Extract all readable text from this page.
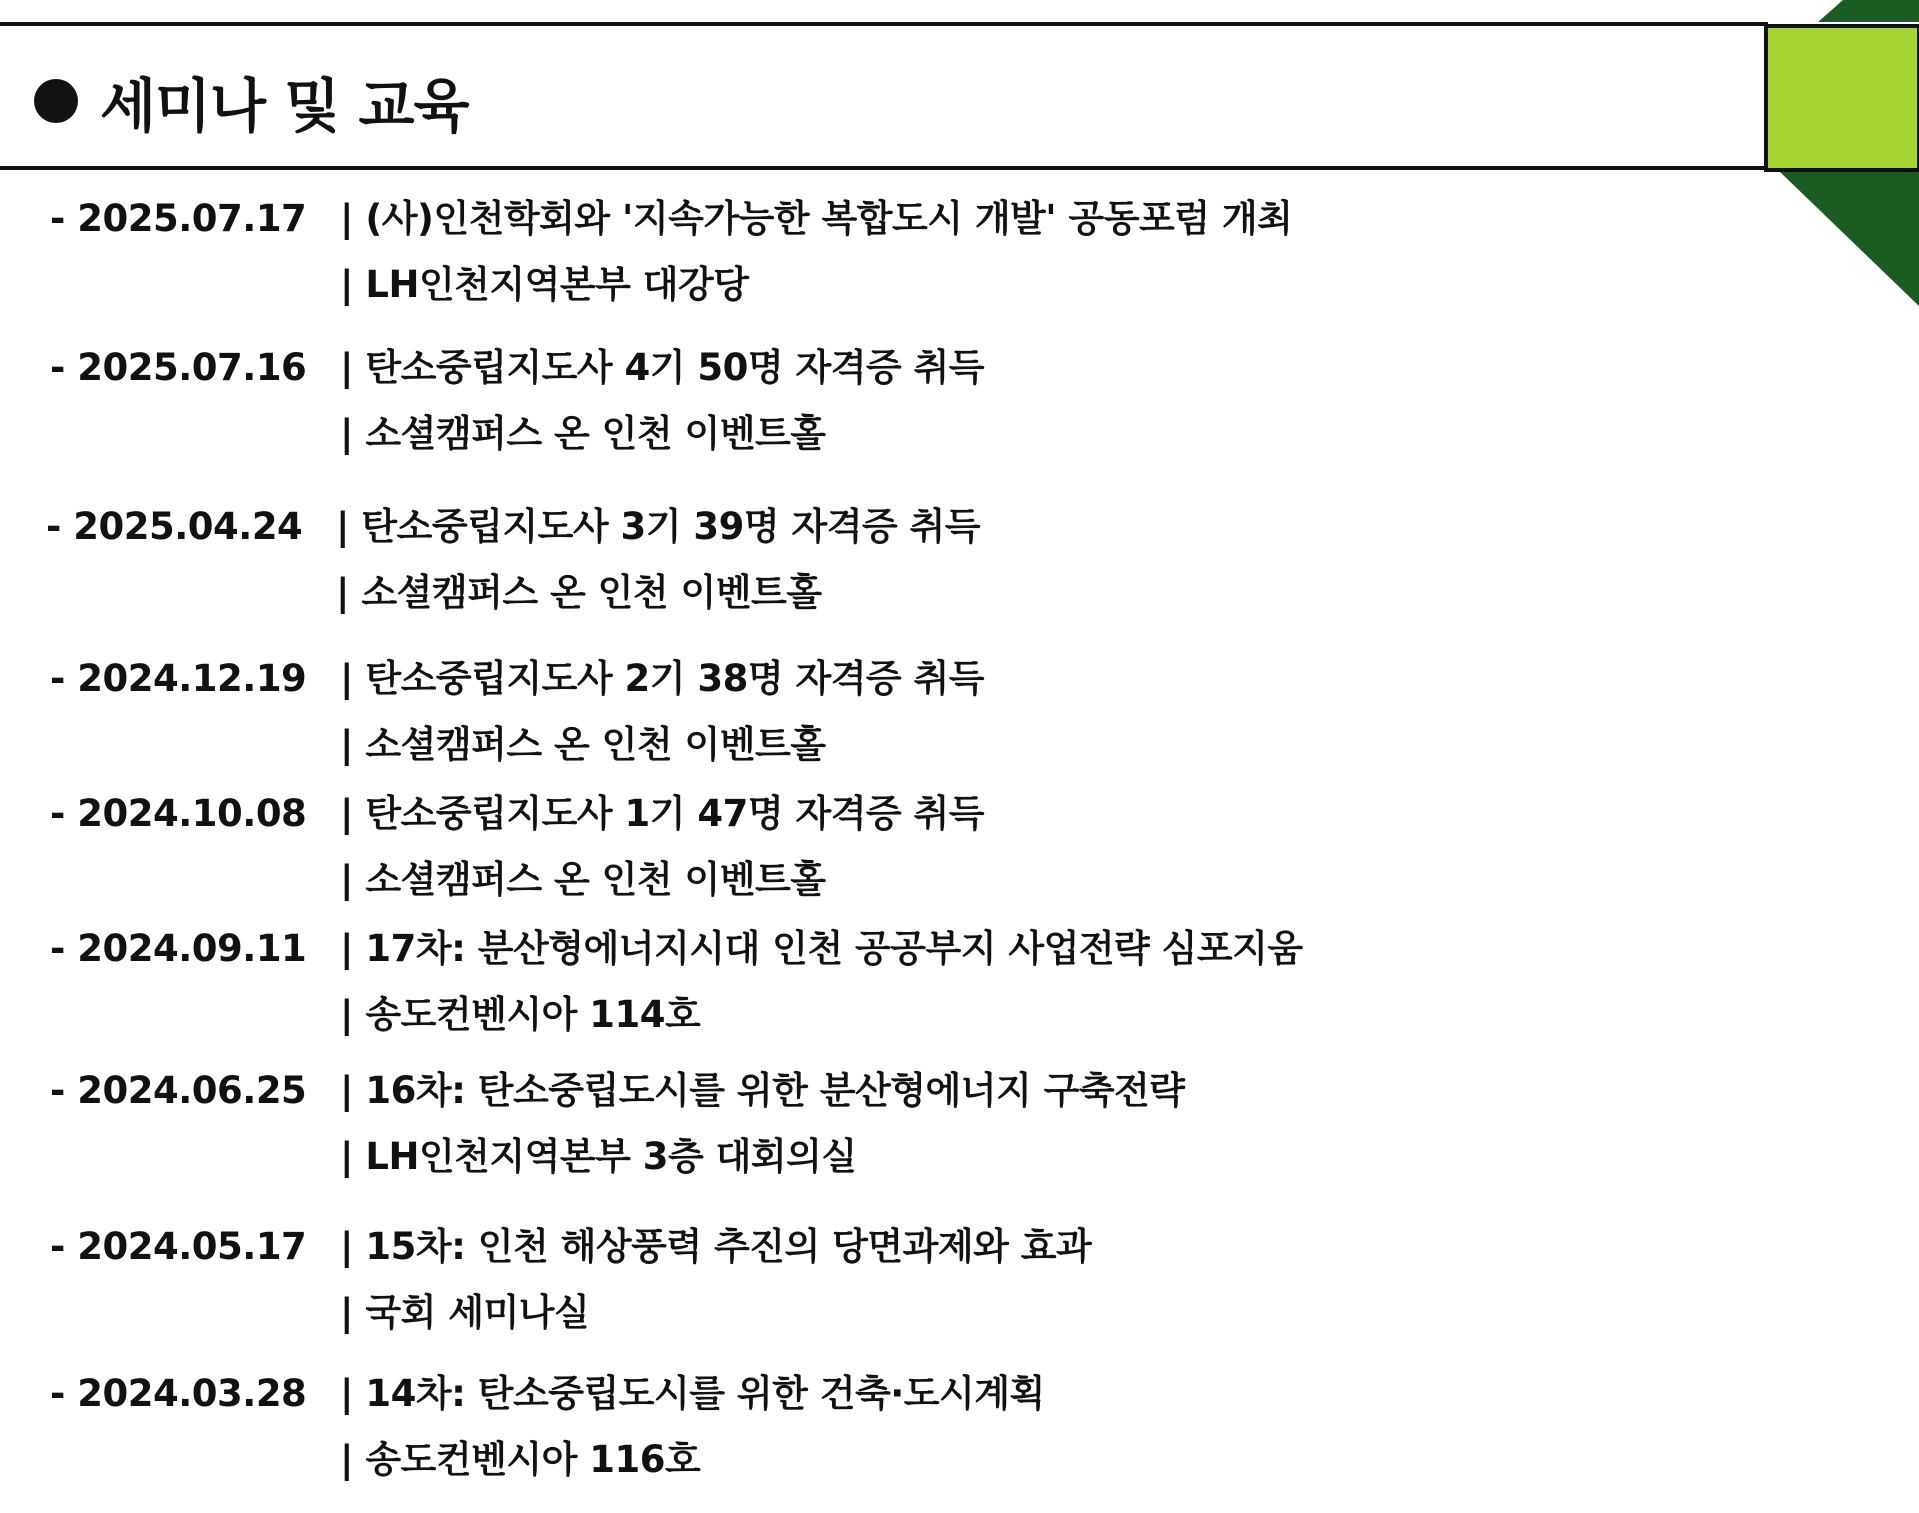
세미나 및 교육
- 2025.07.17 | (사)인천학회와 '지속가능한 복합도시 개발' 공동포럼 개최
| LH인천지역본부 대강당
- 2025.07.16 | 탄소중립지도사 4기 50명 자격증 취득
| 소셜캠퍼스 온 인천 이벤트홀
- 2025.04.24 | 탄소중립지도사 3기 39명 자격증 취득
| 소셜캠퍼스 온 인천 이벤트홀
- 2024.12.19 | 탄소중립지도사 2기 38명 자격증 취득
| 소셜캠퍼스 온 인천 이벤트홀
- 2024.10.08 | 탄소중립지도사 1기 47명 자격증 취득
| 소셜캠퍼스 온 인천 이벤트홀
- 2024.09.11 | 17차: 분산형에너지시대 인천 공공부지 사업전략 심포지움
| 송도컨벤시아 114호
- 2024.06.25 | 16차: 탄소중립도시를 위한 분산형에너지 구축전략
| LH인천지역본부 3층 대회의실
- 2024.05.17 | 15차: 인천 해상풍력 추진의 당면과제와 효과
| 국회 세미나실
- 2024.03.28 | 14차: 탄소중립도시를 위한 건축·도시계획
| 송도컨벤시아 116호
